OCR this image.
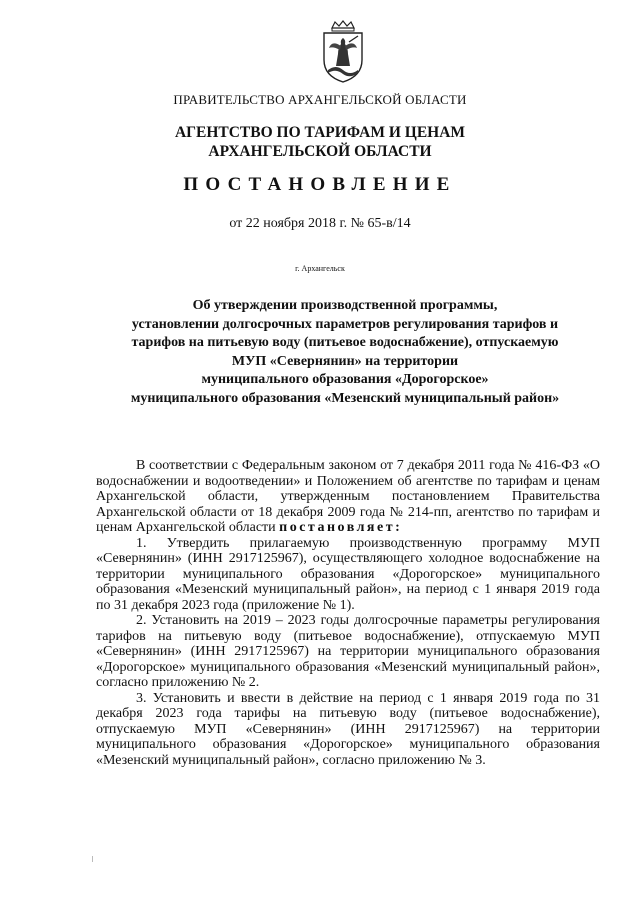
ПРАВИТЕЛЬСТВО АРХАНГЕЛЬСКОЙ ОБЛАСТИ
АГЕНТСТВО ПО ТАРИФАМ И ЦЕНАМ
АРХАНГЕЛЬСКОЙ ОБЛАСТИ
ПОСТАНОВЛЕНИЕ
от 22 ноября 2018 г. № 65-в/14
г. Архангельск
Об утверждении производственной программы,
установлении долгосрочных параметров регулирования тарифов и
тарифов на питьевую воду (питьевое водоснабжение), отпускаемую
МУП «Севернянин» на территории
муниципального образования «Дорогорское»
муниципального образования «Мезенский муниципальный район»

В соответствии с Федеральным законом от 7 декабря 2011 года № 416-ФЗ «О водоснабжении и водоотведении» и Положением об агентстве по тарифам и ценам Архангельской области, утвержденным постановлением Правительства Архангельской области от 18 декабря 2009 года № 214-пп, агентство по тарифам и ценам Архангельской области постановляет:

1. Утвердить прилагаемую производственную программу МУП «Севернянин» (ИНН 2917125967), осуществляющего холодное водоснабжение на территории муниципального образования «Дорогорское» муниципального образования «Мезенский муниципальный район», на период с 1 января 2019 года по 31 декабря 2023 года (приложение № 1).

2. Установить на 2019 – 2023 годы долгосрочные параметры регулирования тарифов на питьевую воду (питьевое водоснабжение), отпускаемую МУП «Севернянин» (ИНН 2917125967) на территории муниципального образования «Дорогорское» муниципального образования «Мезенский муниципальный район», согласно приложению № 2.

3. Установить и ввести в действие на период с 1 января 2019 года по 31 декабря 2023 года тарифы на питьевую воду (питьевое водоснабжение), отпускаемую МУП «Севернянин» (ИНН 2917125967) на территории муниципального образования «Дорогорское» муниципального образования «Мезенский муниципальный район», согласно приложению № 3.
